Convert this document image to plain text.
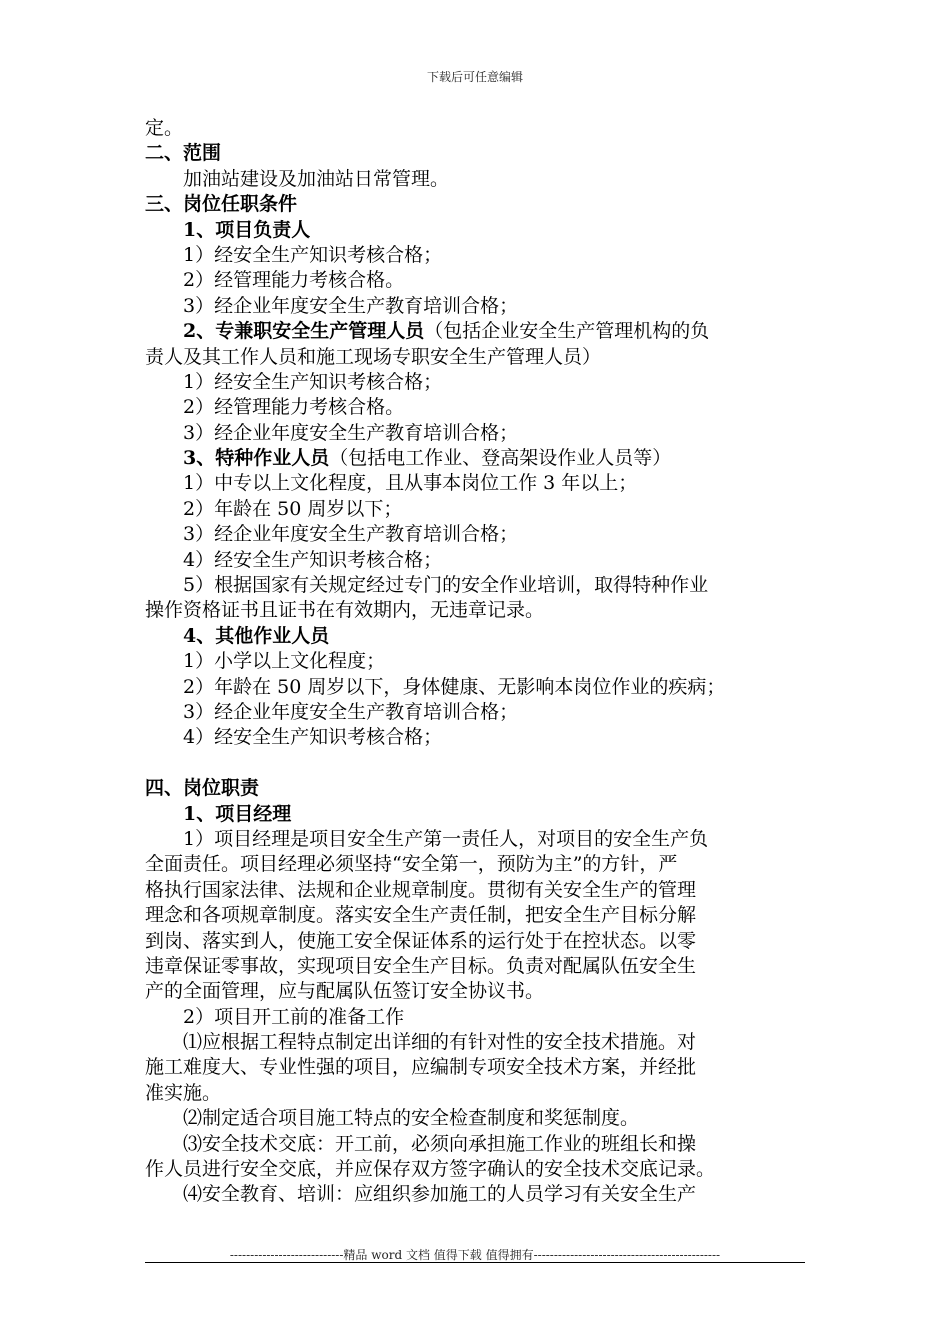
下载后可任意编辑
定。
二、范围
加油站建设及加油站日常管理。
三、岗位任职条件
1、项目负责人
1）经安全生产知识考核合格；
2）经管理能力考核合格。
3）经企业年度安全生产教育培训合格；
2、专兼职安全生产管理人员（包括企业安全生产管理机构的负
责人及其工作人员和施工现场专职安全生产管理人员）
1）经安全生产知识考核合格；
2）经管理能力考核合格。
3）经企业年度安全生产教育培训合格；
3、特种作业人员（包括电工作业、登高架设作业人员等）
1）中专以上文化程度，且从事本岗位工作 3 年以上；
2）年龄在 50 周岁以下；
3）经企业年度安全生产教育培训合格；
4）经安全生产知识考核合格；
5）根据国家有关规定经过专门的安全作业培训，取得特种作业
操作资格证书且证书在有效期内，无违章记录。
4、其他作业人员
1）小学以上文化程度；
2）年龄在 50 周岁以下，身体健康、无影响本岗位作业的疾病；
3）经企业年度安全生产教育培训合格；
4）经安全生产知识考核合格；
四、岗位职责
1、项目经理
1）项目经理是项目安全生产第一责任人，对项目的安全生产负
全面责任。项目经理必须坚持“安全第一，预防为主”的方针，严
格执行国家法律、法规和企业规章制度。贯彻有关安全生产的管理
理念和各项规章制度。落实安全生产责任制，把安全生产目标分解
到岗、落实到人，使施工安全保证体系的运行处于在控状态。以零
违章保证零事故，实现项目安全生产目标。负责对配属队伍安全生
产的全面管理，应与配属队伍签订安全协议书。
2）项目开工前的准备工作
⑴应根据工程特点制定出详细的有针对性的安全技术措施。对
施工难度大、专业性强的项目，应编制专项安全技术方案，并经批
准实施。
⑵制定适合项目施工特点的安全检查制度和奖惩制度。
⑶安全技术交底：开工前，必须向承担施工作业的班组长和操
作人员进行安全交底，并应保存双方签字确认的安全技术交底记录。
⑷安全教育、培训：应组织参加施工的人员学习有关安全生产
----------------------------精品 word 文档 值得下载 值得拥有----------------------------------------------
